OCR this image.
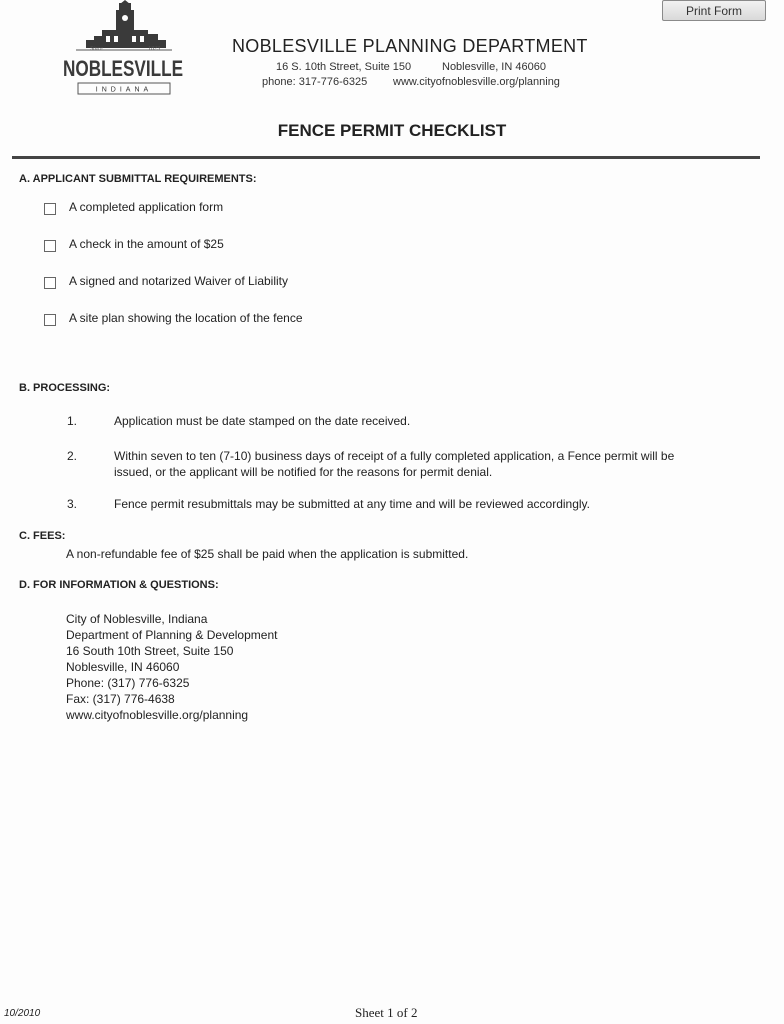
Print Form
Since	1823
NOBLESVILLE
INDIANA
NOBLESVILLE PLANNING DEPARTMENT
16 S. 10th Street, Suite 150	Noblesville, IN 46060
phone: 317-776-6325 www.cityofnoblesville.org/planning
FENCE PERMIT CHECKLIST
A. APPLICANT SUBMITTAL REQUIREMENTS:
A completed application form
A check in the amount of $25
A signed and notarized Waiver of Liability
A site plan showing the location of the fence
B. PROCESSING:
1.	Application must be date stamped on the date received.
2.	Within seven to ten (7-10) business days of receipt of a fully completed application, a Fence permit will be issued, or the applicant will be notified for the reasons for permit denial.
3.	Fence permit resubmittals may be submitted at any time and will be reviewed accordingly.
C. FEES:
A non-refundable fee of $25 shall be paid when the application is submitted.
D. FOR INFORMATION & QUESTIONS:
City of Noblesville, Indiana
Department of Planning & Development
16 South 10th Street, Suite 150
Noblesville, IN 46060
Phone: (317) 776-6325
Fax: (317) 776-4638
www.cityofnoblesville.org/planning
10/2010	Sheet 1 of 2
